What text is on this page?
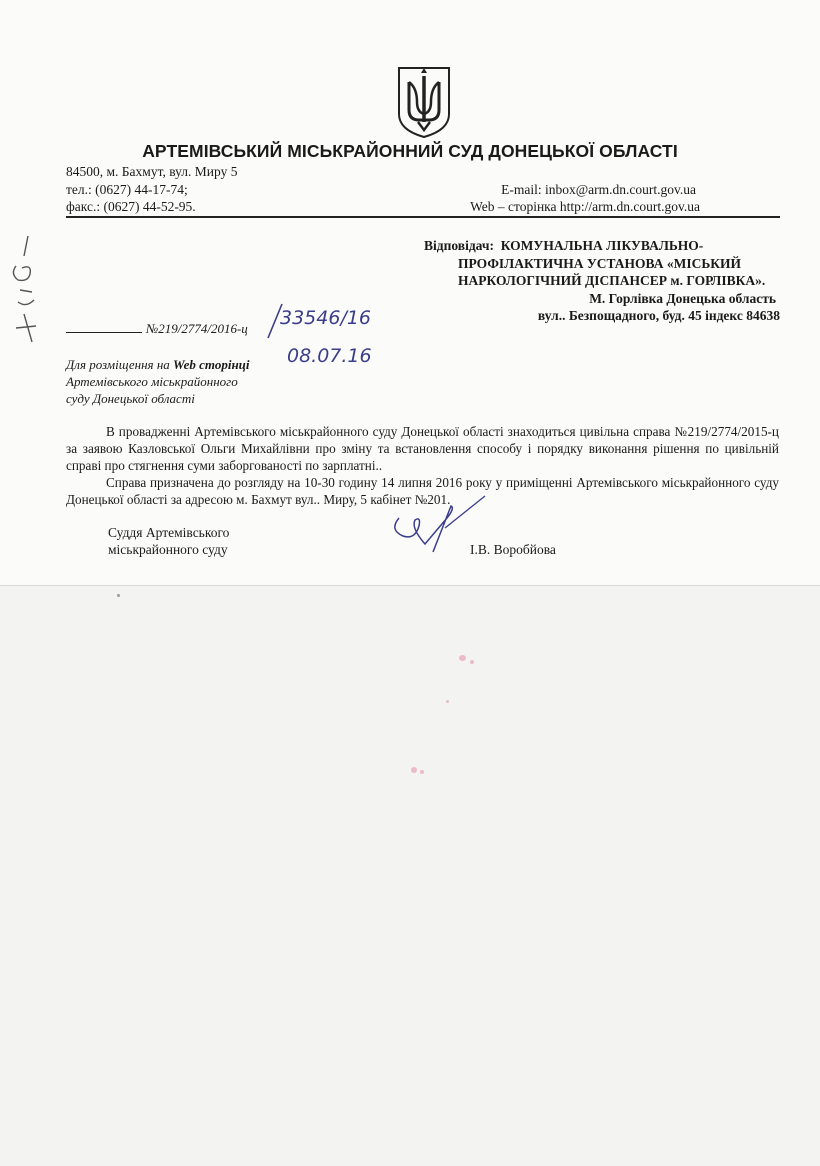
АРТЕМІВСЬКИЙ МІСЬКРАЙОННИЙ СУД ДОНЕЦЬКОЇ ОБЛАСТІ
84500, м. Бахмут, вул. Миру 5
тел.: (0627) 44-17-74;
факс.: (0627) 44-52-95.
E-mail: inbox@arm.dn.court.gov.ua
Web – сторінка http://arm.dn.court.gov.ua
Відповідач: КОМУНАЛЬНА ЛІКУВАЛЬНО-
ПРОФІЛАКТИЧНА УСТАНОВА «МІСЬКИЙ
НАРКОЛОГІЧНИЙ ДІСПАНСЕР м. ГОРЛІВКА».
М. Горлівка Донецька область
вул.. Безпощадного, буд. 45 індекс 84638
№219/2774/2016-ц 33546/16
08.07.16
Для розміщення на Web сторінці
Артемівського міськрайонного
суду Донецької області

В провадженні Артемівського міськрайонного суду Донецької області знаходиться цивільна справа №219/2774/2015-ц за заявою Казловської Ольги Михайлівни про зміну та встановлення способу і порядку виконання рішення по цивільній справі про стягнення суми заборгованості по зарплатні..

Справа призначена до розгляду на 10-30 годину 14 липня 2016 року у приміщенні Артемівського міськрайонного суду Донецької області за адресою м. Бахмут вул.. Миру, 5 кабінет №201.

Суддя Артемівського
міськрайонного суду	І.В. Воробйова
